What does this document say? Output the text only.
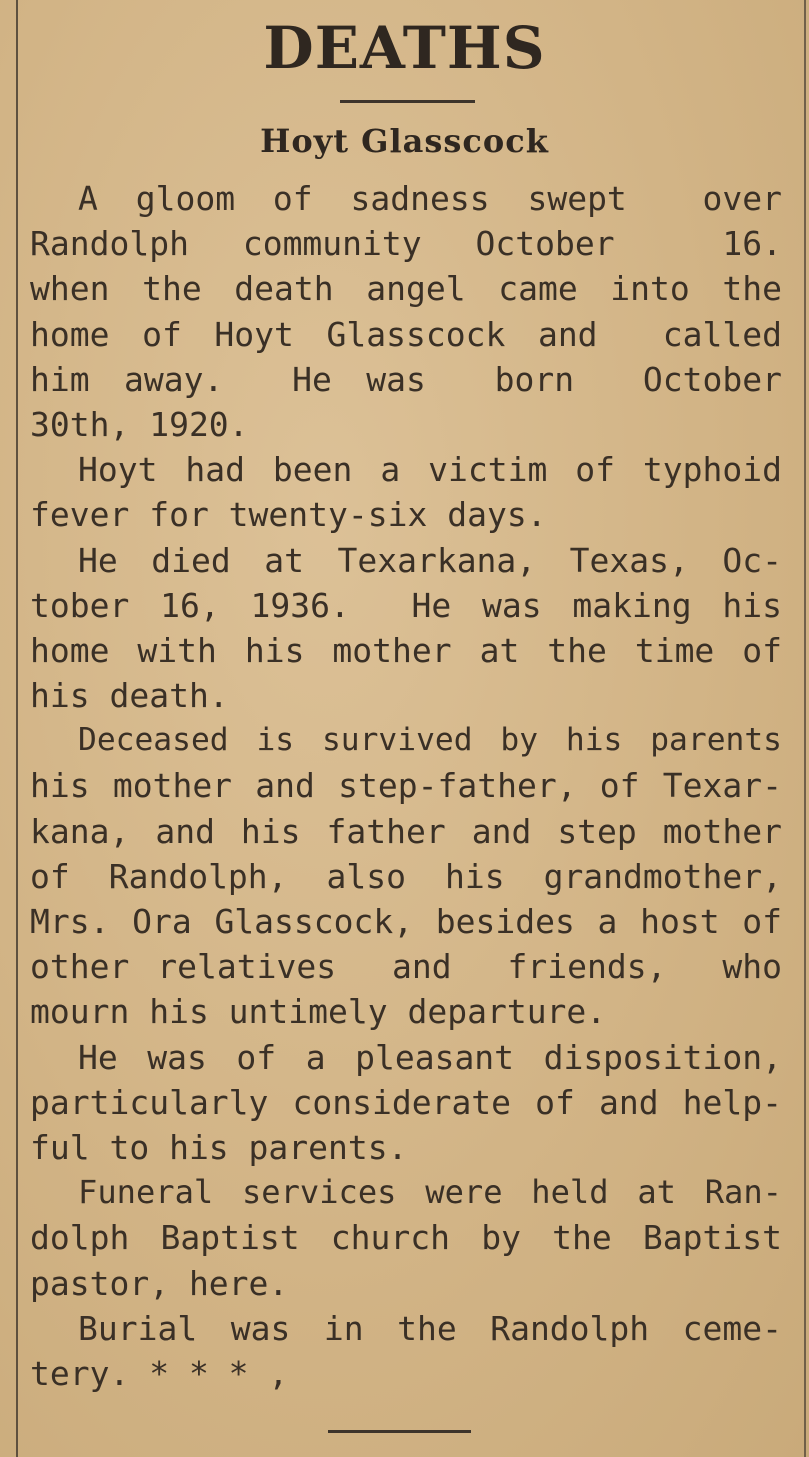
DEATHS
Hoyt Glasscock
A gloom of sadness swept  over
Randolph community October  16.
when the death angel came into the
home of Hoyt Glasscock and  called
him away.  He was  born  October
30th, 1920.
Hoyt had been a victim of typhoid
fever for twenty-six days.
He died at Texarkana, Texas, Oc-
tober 16, 1936.  He was making his
home with his mother at the time of
his death.
Deceased is survived by his parents
his mother and step-father, of Texar-
kana, and his father and step mother
of Randolph, also his grandmother,
Mrs. Ora Glasscock, besides a host of
other relatives  and  friends,  who
mourn his untimely departure.
He was of a pleasant disposition,
particularly considerate of and help-
ful to his parents.
Funeral services were held at Ran-
dolph Baptist church by the Baptist
pastor, here.
Burial was in the Randolph ceme-
tery. * * * ,
